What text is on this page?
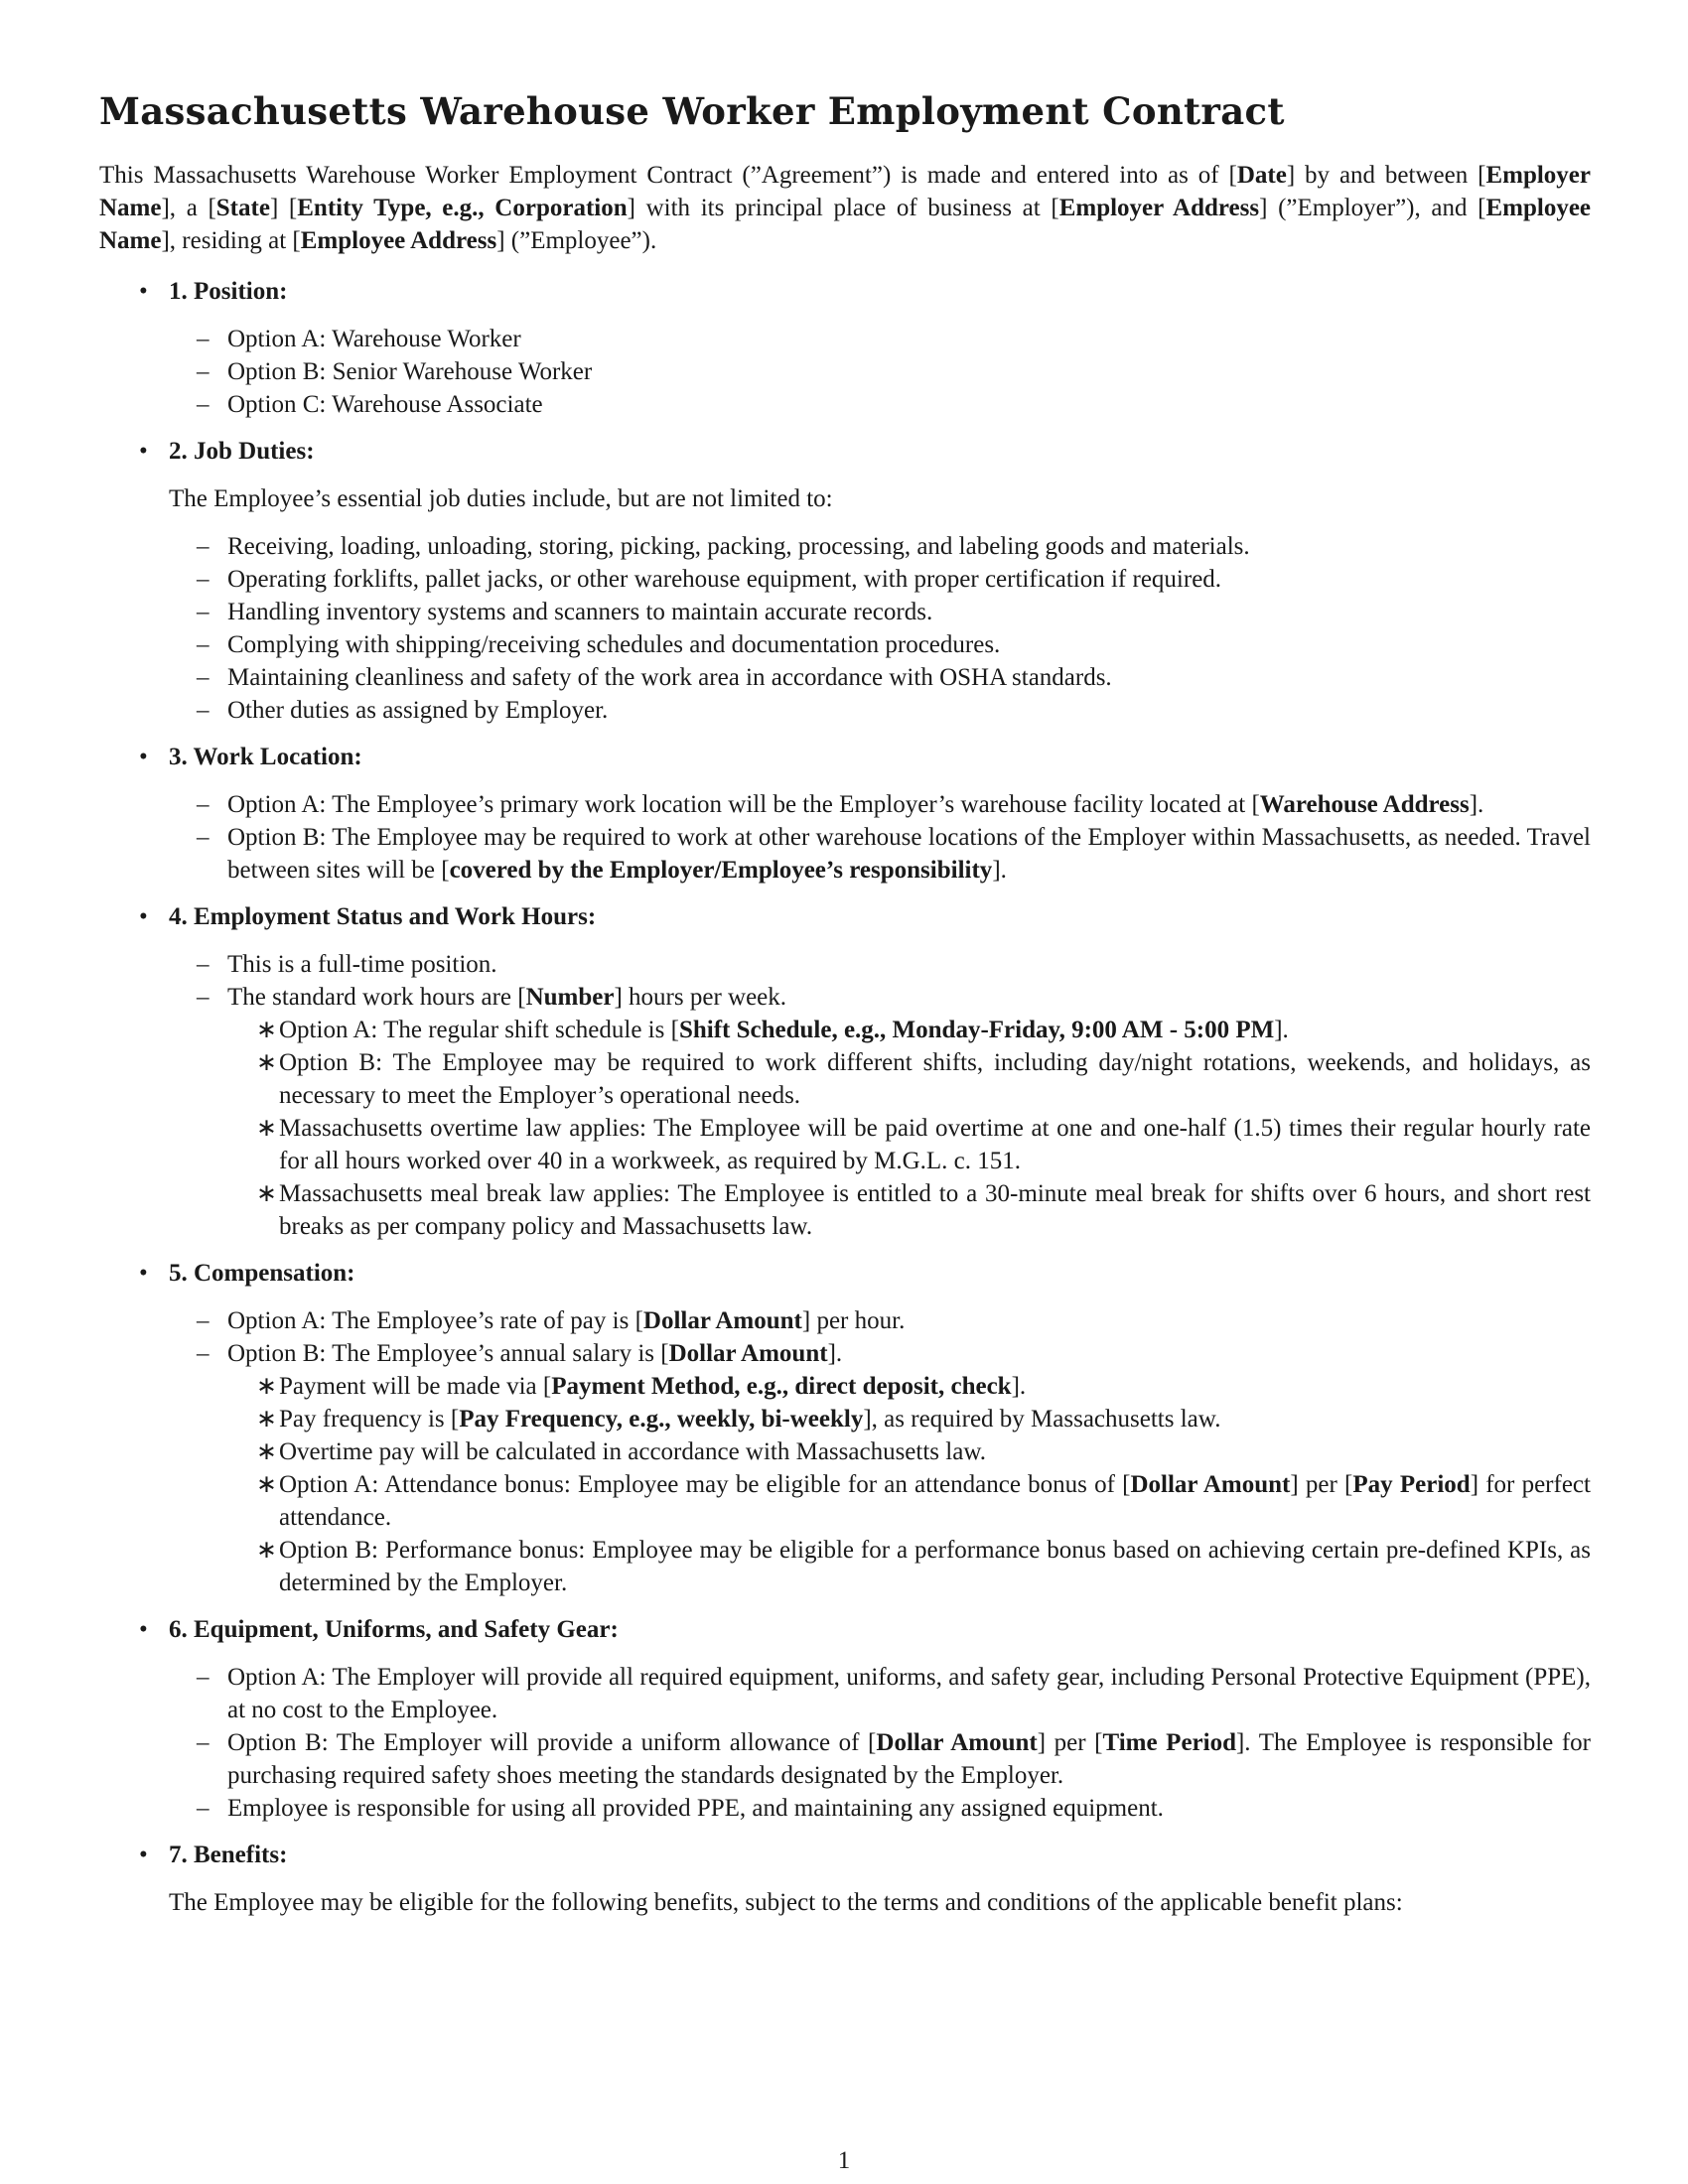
Massachusetts Warehouse Worker Employment Contract

This Massachusetts Warehouse Worker Employment Contract (”Agreement”) is made and entered into as of [Date] by and between [Employer Name], a [State] [Entity Type, e.g., Corporation] with its principal place of business at [Employer Address] (”Employer”), and [Employee Name], residing at [Employee Address] (”Employee”).

• 1. Position:
– Option A: Warehouse Worker
– Option B: Senior Warehouse Worker
– Option C: Warehouse Associate
• 2. Job Duties:

The Employee’s essential job duties include, but are not limited to:

– Receiving, loading, unloading, storing, picking, packing, processing, and labeling goods and materials.
– Operating forklifts, pallet jacks, or other warehouse equipment, with proper certification if required.
– Handling inventory systems and scanners to maintain accurate records.
– Complying with shipping/receiving schedules and documentation procedures.
– Maintaining cleanliness and safety of the work area in accordance with OSHA standards.
– Other duties as assigned by Employer.
• 3. Work Location:
– Option A: The Employee’s primary work location will be the Employer’s warehouse facility located at [Warehouse Address].
– Option B: The Employee may be required to work at other warehouse locations of the Employer within Massachusetts, as needed. Travel between sites will be [covered by the Employer/Employee’s responsibility].
• 4. Employment Status and Work Hours:
– This is a full-time position.
– The standard work hours are [Number] hours per week.
∗ Option A: The regular shift schedule is [Shift Schedule, e.g., Monday-Friday, 9:00 AM - 5:00 PM].
∗ Option B: The Employee may be required to work different shifts, including day/night rotations, weekends, and holidays, as necessary to meet the Employer’s operational needs.
∗ Massachusetts overtime law applies: The Employee will be paid overtime at one and one-half (1.5) times their regular hourly rate for all hours worked over 40 in a workweek, as required by M.G.L. c. 151.
∗ Massachusetts meal break law applies: The Employee is entitled to a 30-minute meal break for shifts over 6 hours, and short rest breaks as per company policy and Massachusetts law.
• 5. Compensation:
– Option A: The Employee’s rate of pay is [Dollar Amount] per hour.
– Option B: The Employee’s annual salary is [Dollar Amount].
∗ Payment will be made via [Payment Method, e.g., direct deposit, check].
∗ Pay frequency is [Pay Frequency, e.g., weekly, bi-weekly], as required by Massachusetts law.
∗ Overtime pay will be calculated in accordance with Massachusetts law.
∗ Option A: Attendance bonus: Employee may be eligible for an attendance bonus of [Dollar Amount] per [Pay Period] for perfect attendance.
∗ Option B: Performance bonus: Employee may be eligible for a performance bonus based on achieving certain pre-defined KPIs, as determined by the Employer.
• 6. Equipment, Uniforms, and Safety Gear:
– Option A: The Employer will provide all required equipment, uniforms, and safety gear, including Personal Protective Equipment (PPE), at no cost to the Employee.
– Option B: The Employer will provide a uniform allowance of [Dollar Amount] per [Time Period]. The Employee is responsible for purchasing required safety shoes meeting the standards designated by the Employer.
– Employee is responsible for using all provided PPE, and maintaining any assigned equipment.
• 7. Benefits:

The Employee may be eligible for the following benefits, subject to the terms and conditions of the applicable benefit plans:

1
